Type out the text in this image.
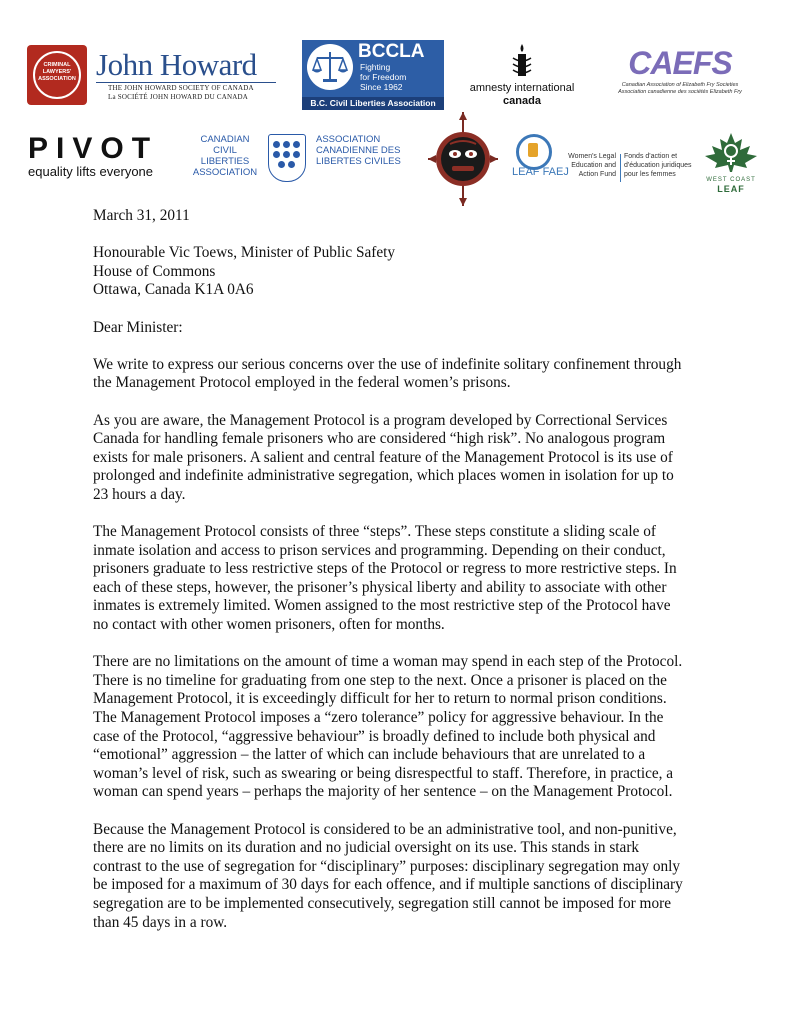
CRIMINAL
LAWYERS'
ASSOCIATION John Howard
THE JOHN HOWARD SOCIETY OF CANADA
La SOCIÉTÉ JOHN HOWARD DU CANADA
BCCLA
Fighting
for Freedom
Since 1962
B.C. Civil Liberties Association
amnesty international
canada
CAEFS
Canadian Association of Elizabeth Fry Societies
Association canadienne des sociétés Elizabeth Fry
PIVOT
equality lifts everyone
CANADIAN
CIVIL LIBERTIES
ASSOCIATION
ASSOCIATION
CANADIENNE DES
LIBERTES CIVILES
LEAF FAEJ
Women's Legal
Education and
Action Fund
Fonds d'action et
d'éducation juridiques
pour les femmes
WEST COAST
LEAF

March 31, 2011

Honourable Vic Toews, Minister of Public Safety

House of Commons

Ottawa, Canada K1A 0A6

Dear Minister:

We write to express our serious concerns over the use of indefinite solitary confinement through

the Management Protocol employed in the federal women’s prisons.

As you are aware, the Management Protocol is a program developed by Correctional Services

Canada for handling female prisoners who are considered “high risk”. No analogous program

exists for male prisoners. A salient and central feature of the Management Protocol is its use of

prolonged and indefinite administrative segregation, which places women in isolation for up to

23 hours a day.

The Management Protocol consists of three “steps”. These steps constitute a sliding scale of

inmate isolation and access to prison services and programming. Depending on their conduct,

prisoners graduate to less restrictive steps of the Protocol or regress to more restrictive steps. In

each of these steps, however, the prisoner’s physical liberty and ability to associate with other

inmates is extremely limited. Women assigned to the most restrictive step of the Protocol have

no contact with other women prisoners, often for months.

There are no limitations on the amount of time a woman may spend in each step of the Protocol.

There is no timeline for graduating from one step to the next. Once a prisoner is placed on the

Management Protocol, it is exceedingly difficult for her to return to normal prison conditions.

The Management Protocol imposes a “zero tolerance” policy for aggressive behaviour. In the

case of the Protocol, “aggressive behaviour” is broadly defined to include both physical and

“emotional” aggression – the latter of which can include behaviours that are unrelated to a

woman’s level of risk, such as swearing or being disrespectful to staff. Therefore, in practice, a

woman can spend years – perhaps the majority of her sentence – on the Management Protocol.

Because the Management Protocol is considered to be an administrative tool, and non-punitive,

there are no limits on its duration and no judicial oversight on its use. This stands in stark

contrast to the use of segregation for “disciplinary” purposes: disciplinary segregation may only

be imposed for a maximum of 30 days for each offence, and if multiple sanctions of disciplinary

segregation are to be implemented consecutively, segregation still cannot be imposed for more

than 45 days in a row.
